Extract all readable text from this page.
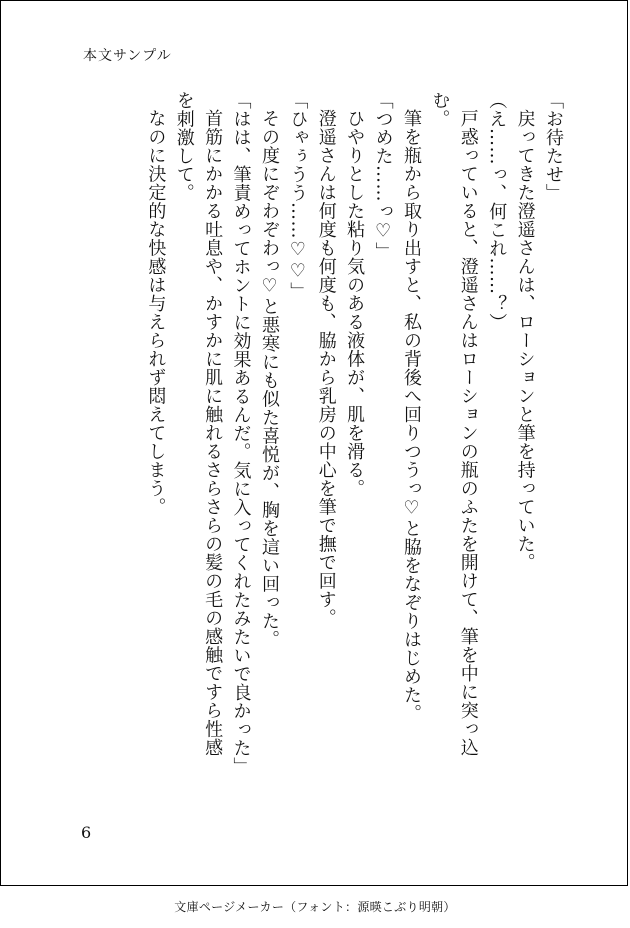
本文サンプル
「お待たせ」
戻ってきた澄遥さんは、ローションと筆を持っていた。
（え……っ、何これ……？）
戸惑っていると、澄遥さんはローションの瓶のふたを開けて、筆を中に突っ込
む。
筆を瓶から取り出すと、私の背後へ回りつうっ♡と脇をなぞりはじめた。
「つめた……っ♡」
ひやりとした粘り気のある液体が、肌を滑る。
澄遥さんは何度も何度も、脇から乳房の中心を筆で撫で回す。
「ひゃぅうう……♡♡」
その度にぞわぞわっ♡と悪寒にも似た喜悦が、胸を這い回った。
「はは、筆責めってホントに効果あるんだ。気に入ってくれたみたいで良かった」
首筋にかかる吐息や、かすかに肌に触れるさらさらの髪の毛の感触ですら性感
を刺激して。
なのに決定的な快感は与えられず悶えてしまう。
6
文庫ページメーカー（フォント：源暎こぶり明朝）
